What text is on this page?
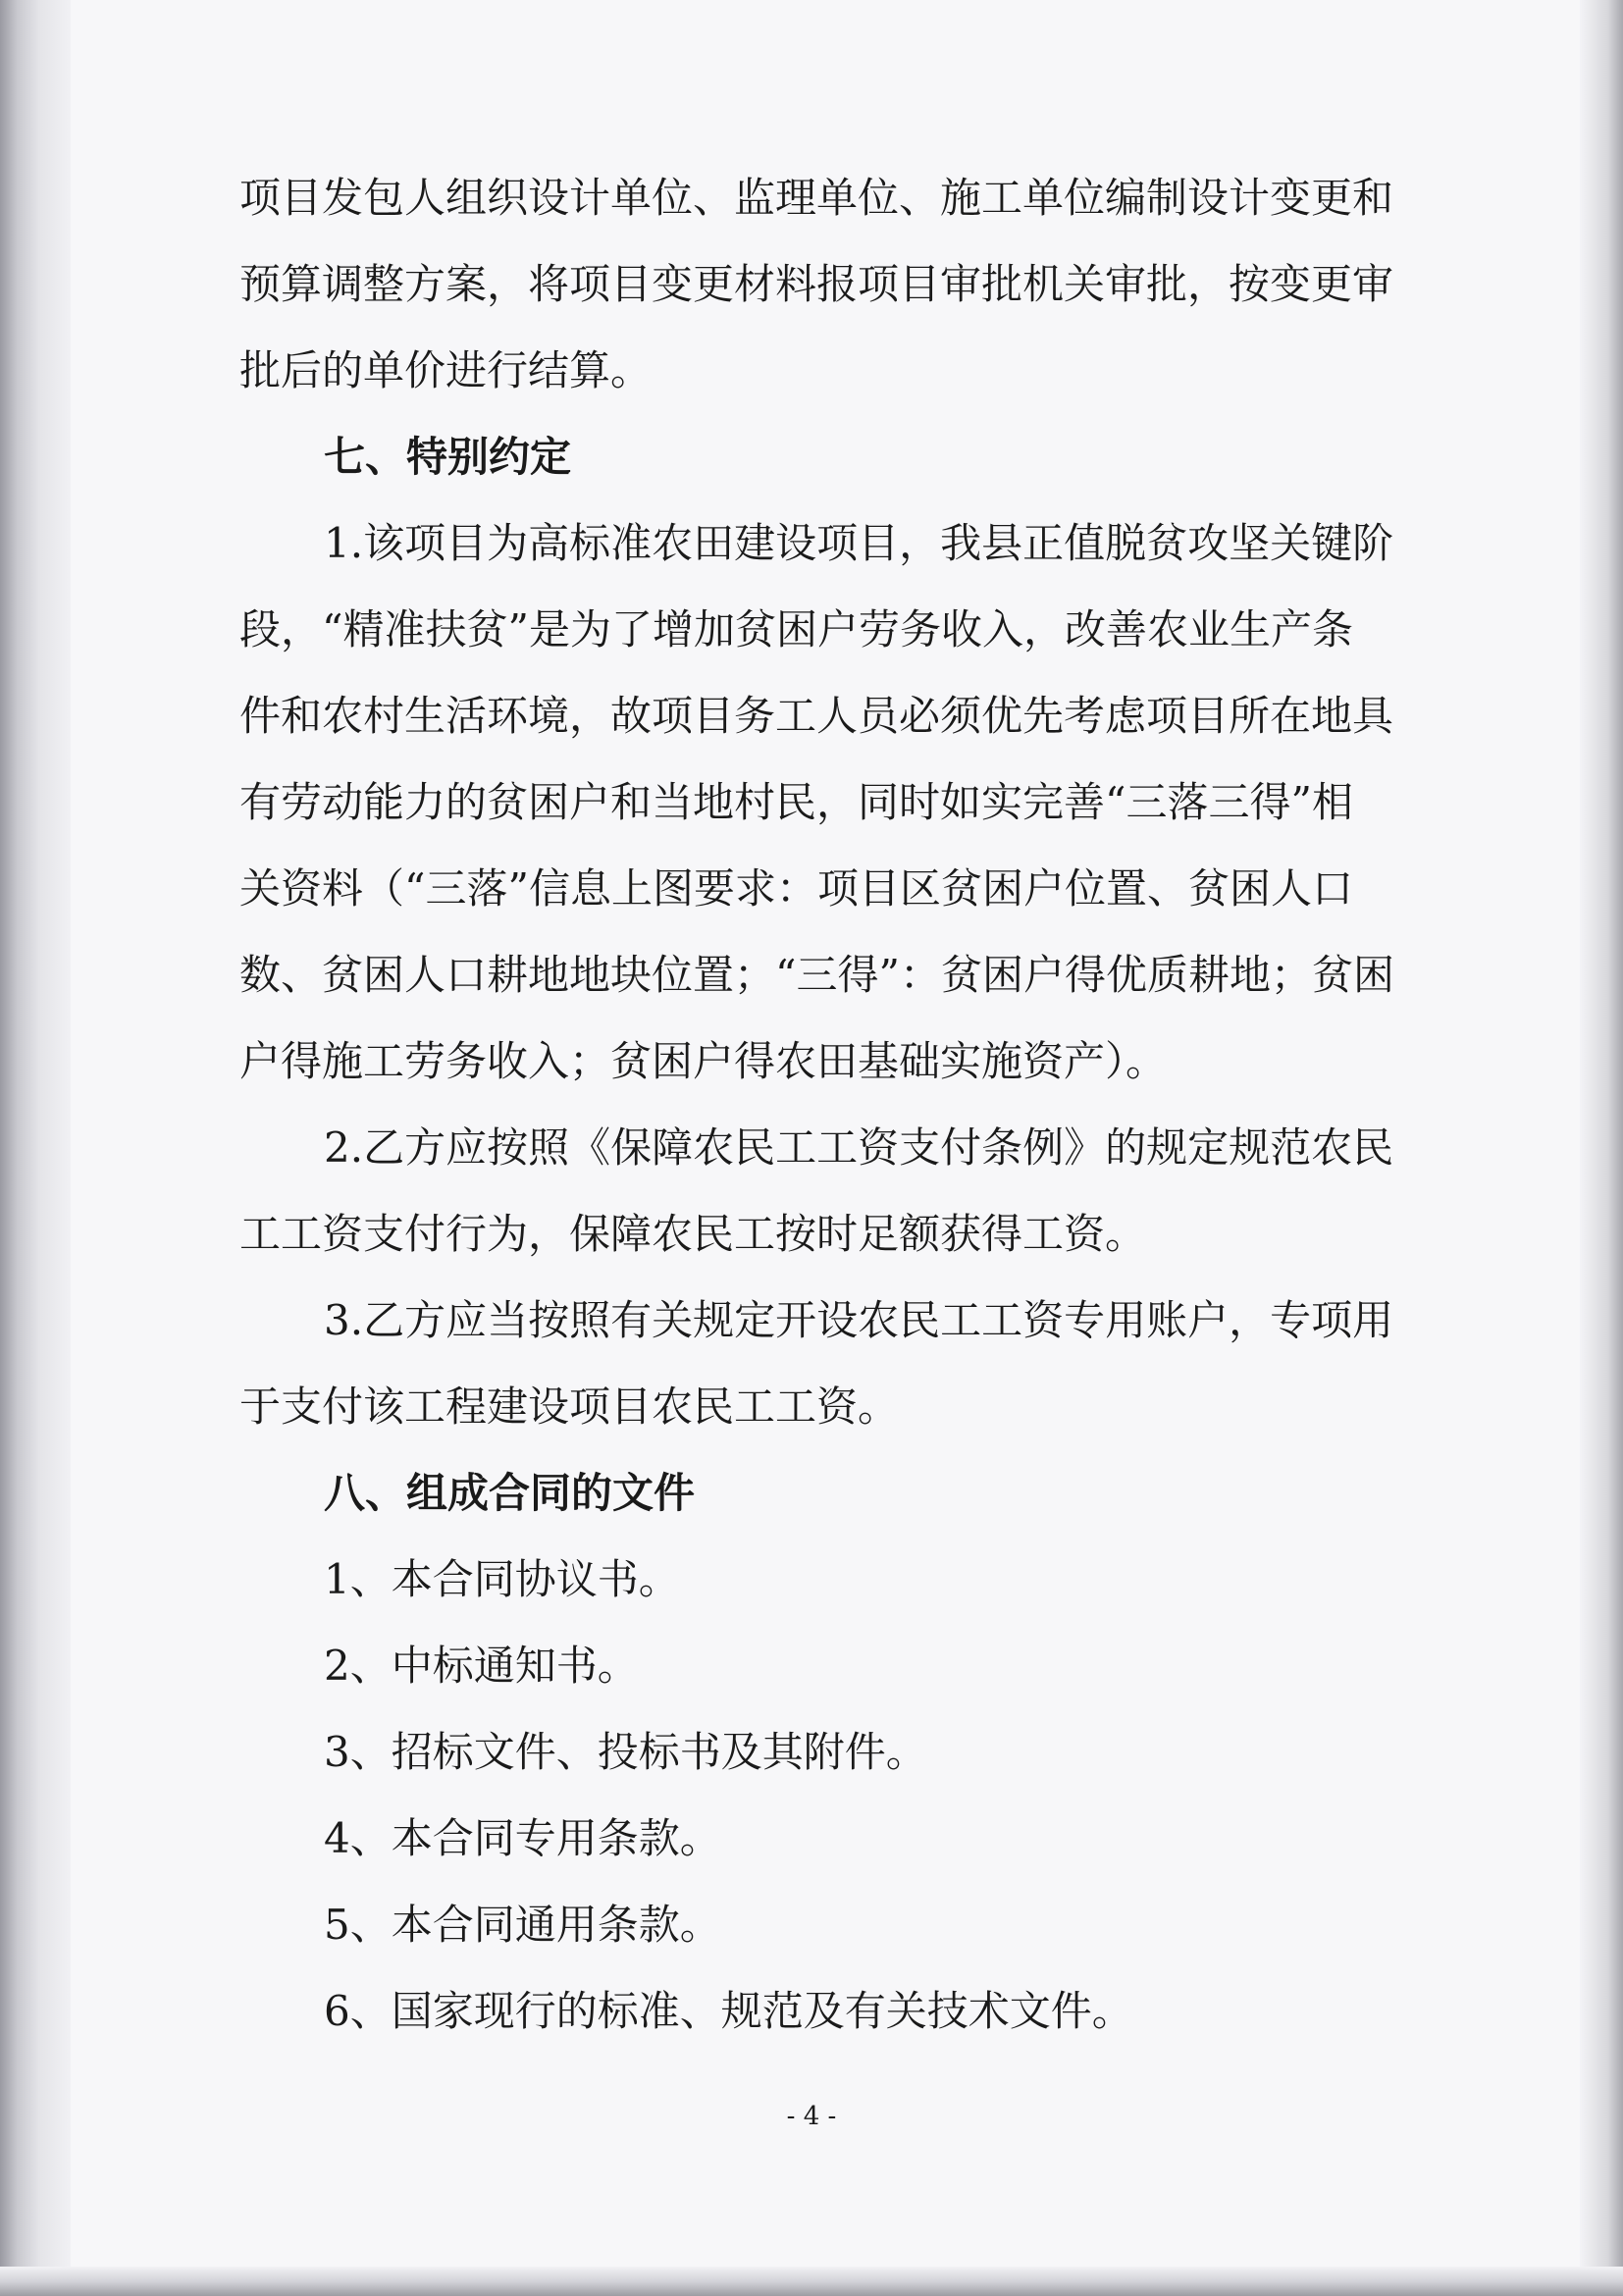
项目发包人组织设计单位、监理单位、施工单位编制设计变更和
预算调整方案，将项目变更材料报项目审批机关审批，按变更审
批后的单价进行结算。
七、特别约定
1.该项目为高标准农田建设项目，我县正值脱贫攻坚关键阶
段，“精准扶贫”是为了增加贫困户劳务收入，改善农业生产条
件和农村生活环境，故项目务工人员必须优先考虑项目所在地具
有劳动能力的贫困户和当地村民，同时如实完善“三落三得”相
关资料（“三落”信息上图要求：项目区贫困户位置、贫困人口
数、贫困人口耕地地块位置；“三得”：贫困户得优质耕地；贫困
户得施工劳务收入；贫困户得农田基础实施资产）。
2.乙方应按照《保障农民工工资支付条例》的规定规范农民
工工资支付行为，保障农民工按时足额获得工资。
3.乙方应当按照有关规定开设农民工工资专用账户，专项用
于支付该工程建设项目农民工工资。
八、组成合同的文件
1、本合同协议书。
2、中标通知书。
3、招标文件、投标书及其附件。
4、本合同专用条款。
5、本合同通用条款。
6、国家现行的标准、规范及有关技术文件。
- 4 -
